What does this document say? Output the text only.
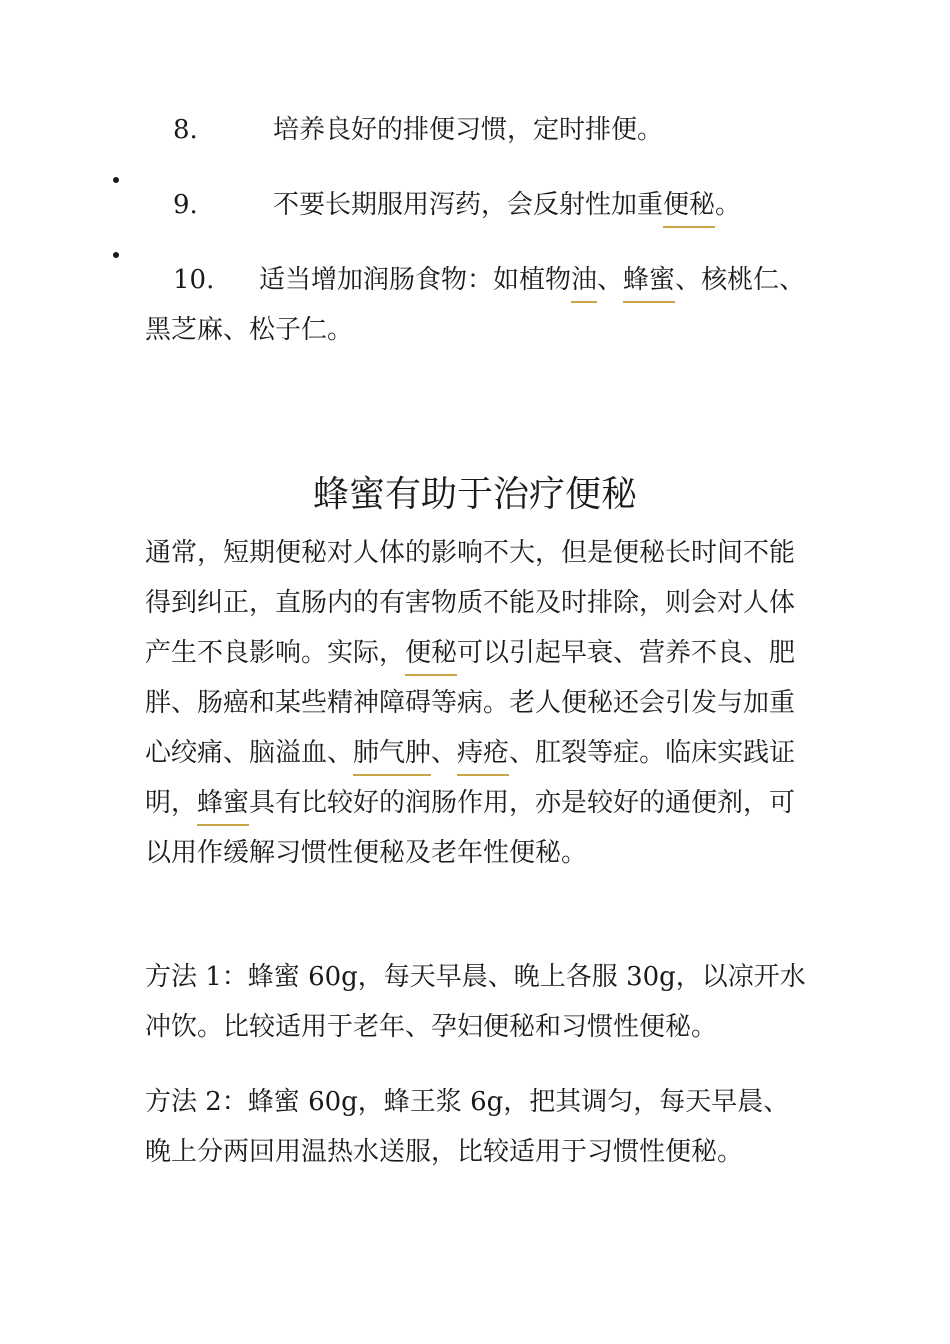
8.	培养良好的排便习惯，定时排便。
9.	不要长期服用泻药，会反射性加重便秘。
10. 适当增加润肠食物：如植物油、蜂蜜、核桃仁、黑芝麻、松子仁。
蜂蜜有助于治疗便秘
通常，短期便秘对人体的影响不大，但是便秘长时间不能得到纠正，直肠内的有害物质不能及时排除，则会对人体产生不良影响。实际，便秘可以引起早衰、营养不良、肥胖、肠癌和某些精神障碍等病。老人便秘还会引发与加重心绞痛、脑溢血、肺气肿、痔疮、肛裂等症。临床实践证明，蜂蜜具有比较好的润肠作用，亦是较好的通便剂，可以用作缓解习惯性便秘及老年性便秘。
方法 1：蜂蜜 60g，每天早晨、晚上各服 30g，以凉开水冲饮。比较适用于老年、孕妇便秘和习惯性便秘。
方法 2：蜂蜜 60g，蜂王浆 6g，把其调匀，每天早晨、晚上分两回用温热水送服，比较适用于习惯性便秘。
